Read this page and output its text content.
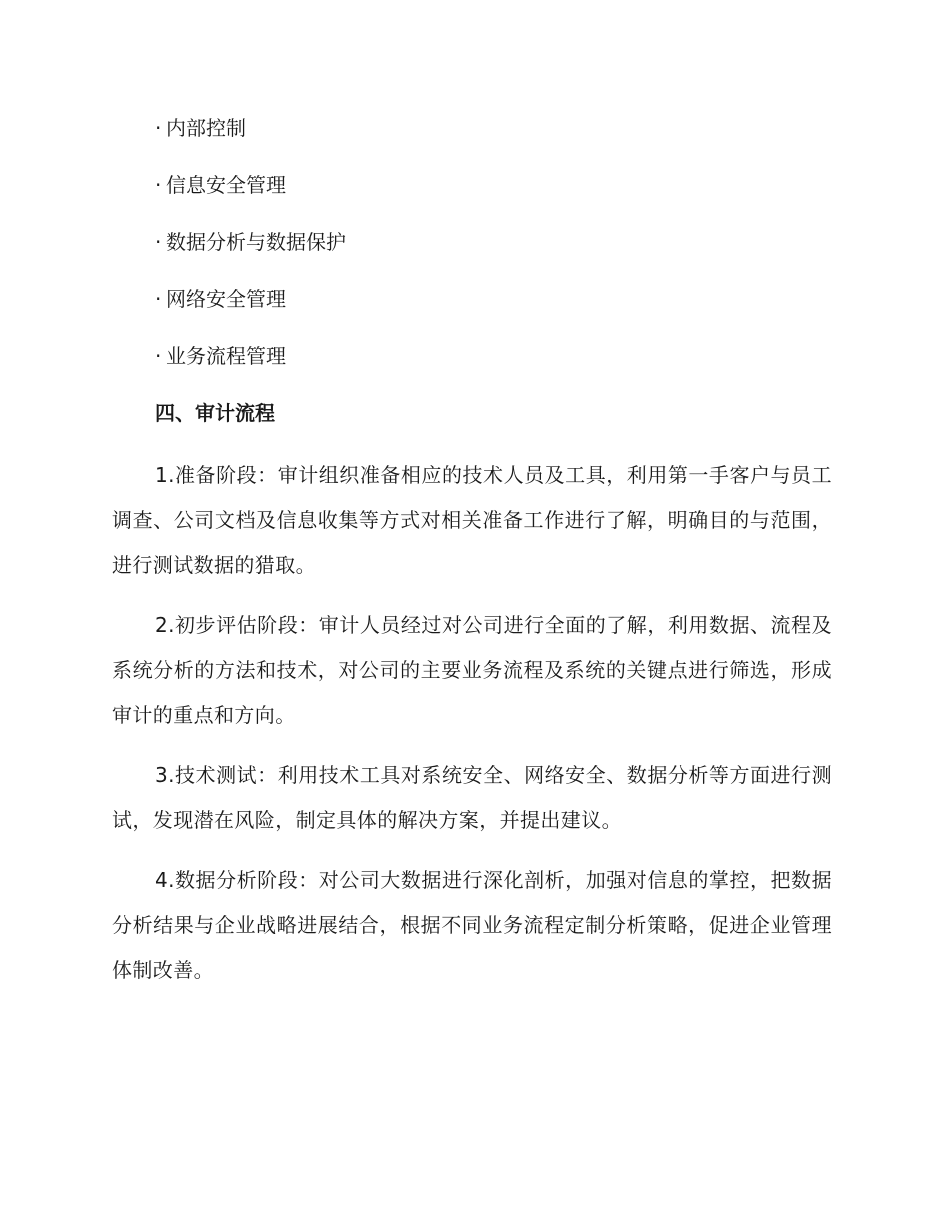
· 内部控制
· 信息安全管理
· 数据分析与数据保护
· 网络安全管理
· 业务流程管理
四、审计流程

1.准备阶段：审计组织准备相应的技术人员及工具，利用第一手客户与员工调查、公司文档及信息收集等方式对相关准备工作进行了解，明确目的与范围，进行测试数据的猎取。

2.初步评估阶段：审计人员经过对公司进行全面的了解，利用数据、流程及系统分析的方法和技术，对公司的主要业务流程及系统的关键点进行筛选，形成审计的重点和方向。

3.技术测试：利用技术工具对系统安全、网络安全、数据分析等方面进行测试，发现潜在风险，制定具体的解决方案，并提出建议。

4.数据分析阶段：对公司大数据进行深化剖析，加强对信息的掌控，把数据分析结果与企业战略进展结合，根据不同业务流程定制分析策略，促进企业管理体制改善。
